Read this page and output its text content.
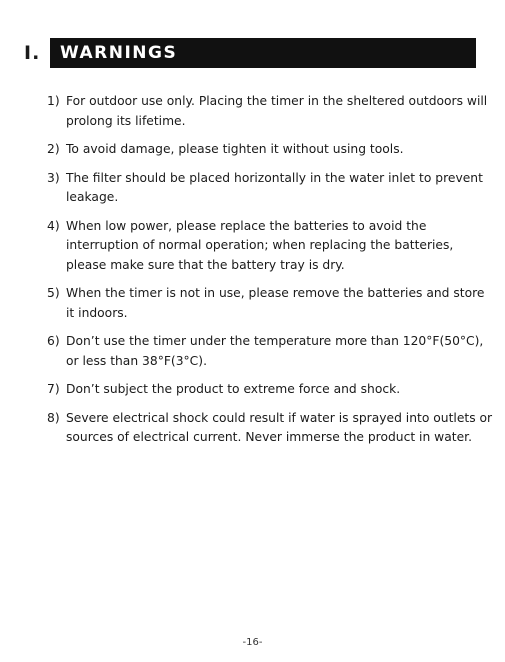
I. WARNINGS
1) For outdoor use only. Placing the timer in the sheltered outdoors will
prolong its lifetime.
2) To avoid damage, please tighten it without using tools.
3) The filter should be placed horizontally in the water inlet to prevent
leakage.
4) When low power, please replace the batteries to avoid the
interruption of normal operation; when replacing the batteries,
please make sure that the battery tray is dry.
5) When the timer is not in use, please remove the batteries and store
it indoors.
6) Don’t use the timer under the temperature more than 120°F(50°C),
or less than 38°F(3°C).
7) Don’t subject the product to extreme force and shock.
8) Severe electrical shock could result if water is sprayed into outlets or
sources of electrical current. Never immerse the product in water.
-16-
